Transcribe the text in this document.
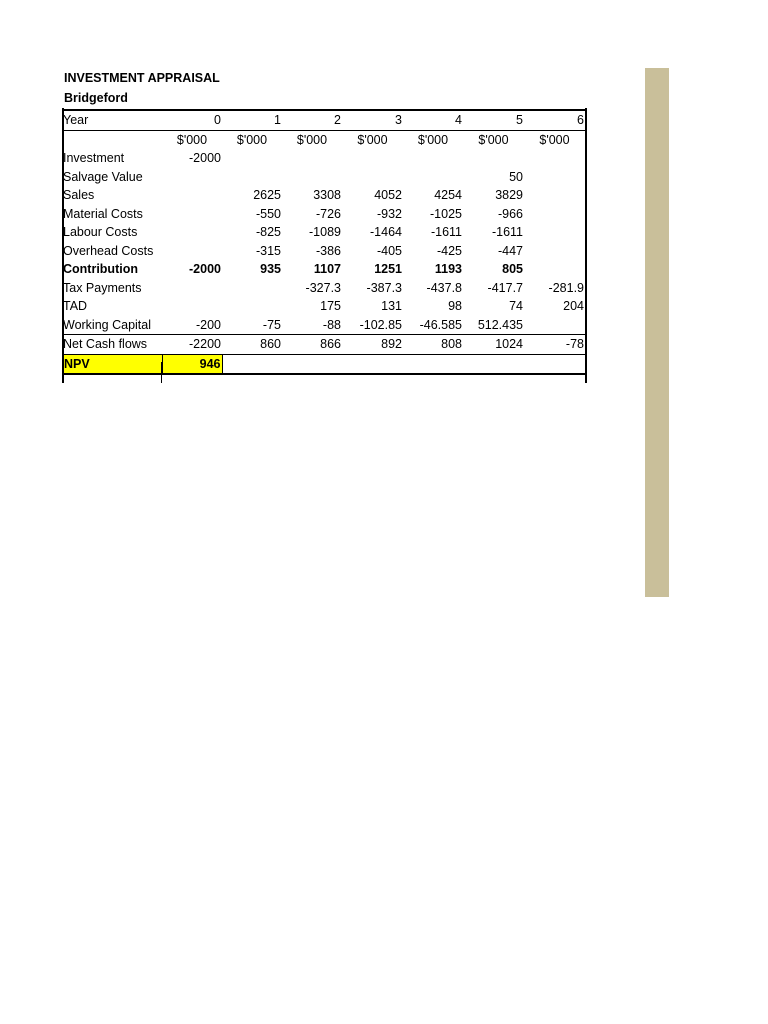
INVESTMENT APPRAISAL
Bridgeford
Year	0	1	2	3	4	5	6
	$'000	$'000	$'000	$'000	$'000	$'000	$'000
Investment	-2000						
Salvage Value						50	
Sales		2625	3308	4052	4254	3829	
Material Costs		-550	-726	-932	-1025	-966	
Labour Costs		-825	-1089	-1464	-1611	-1611	
Overhead Costs		-315	-386	-405	-425	-447	
Contribution	-2000	935	1107	1251	1193	805	
Tax Payments			-327.3	-387.3	-437.8	-417.7	-281.9
TAD			175	131	98	74	204
Working Capital	-200	-75	-88	-102.85	-46.585	512.435	
Net Cash flows	-2200	860	866	892	808	1024	-78
NPV	946						
